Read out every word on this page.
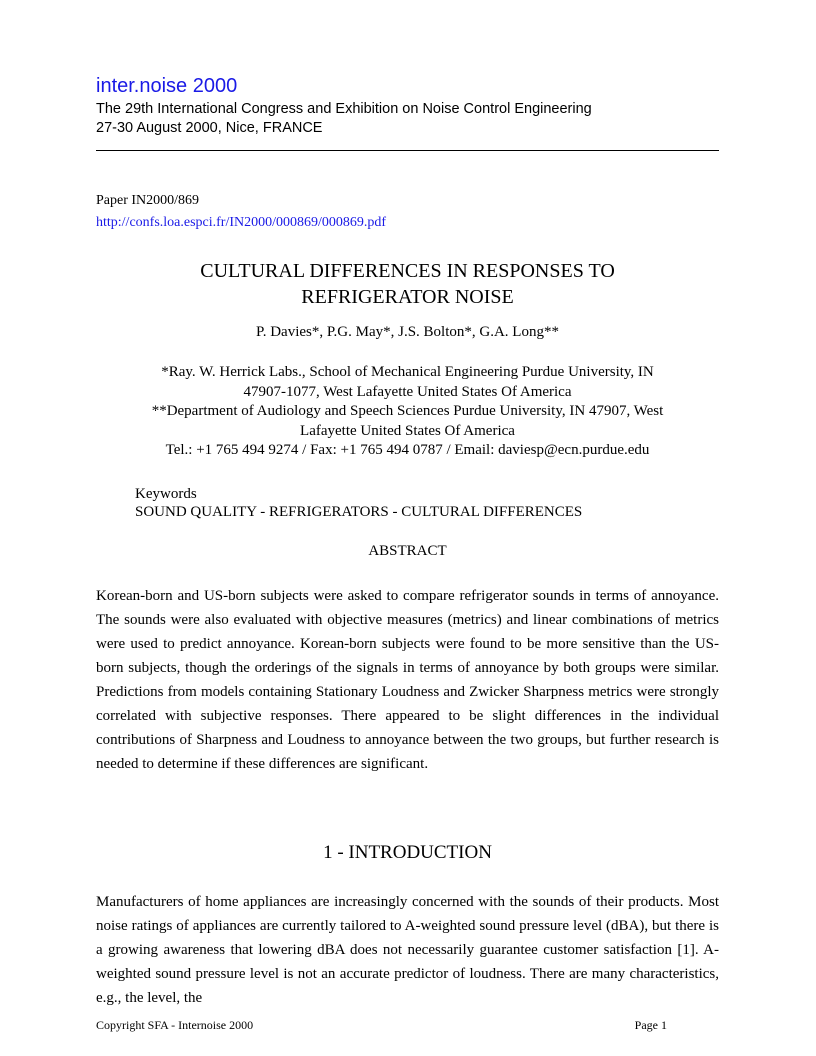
inter.noise 2000
The 29th International Congress and Exhibition on Noise Control Engineering
27-30 August 2000, Nice, FRANCE
Paper IN2000/869
http://confs.loa.espci.fr/IN2000/000869/000869.pdf
CULTURAL DIFFERENCES IN RESPONSES TO
REFRIGERATOR NOISE
P. Davies*, P.G. May*, J.S. Bolton*, G.A. Long**
*Ray. W. Herrick Labs., School of Mechanical Engineering Purdue University, IN
47907-1077, West Lafayette United States Of America
**Department of Audiology and Speech Sciences Purdue University, IN 47907, West
Lafayette United States Of America
Tel.: +1 765 494 9274 / Fax: +1 765 494 0787 / Email: daviesp@ecn.purdue.edu
Keywords
SOUND QUALITY - REFRIGERATORS - CULTURAL DIFFERENCES
ABSTRACT

Korean-born and US-born subjects were asked to compare refrigerator sounds in terms of annoyance. The sounds were also evaluated with objective measures (metrics) and linear combinations of metrics were used to predict annoyance. Korean-born subjects were found to be more sensitive than the US-born subjects, though the orderings of the signals in terms of annoyance by both groups were similar. Predictions from models containing Stationary Loudness and Zwicker Sharpness metrics were strongly correlated with subjective responses. There appeared to be slight differences in the individual contributions of Sharpness and Loudness to annoyance between the two groups, but further research is needed to determine if these differences are significant.

1 - INTRODUCTION

Manufacturers of home appliances are increasingly concerned with the sounds of their products. Most noise ratings of appliances are currently tailored to A-weighted sound pressure level (dBA), but there is a growing awareness that lowering dBA does not necessarily guarantee customer satisfaction [1]. A-weighted sound pressure level is not an accurate predictor of loudness. There are many characteristics, e.g., the level, the

Copyright SFA - Internoise 2000	Page 1
